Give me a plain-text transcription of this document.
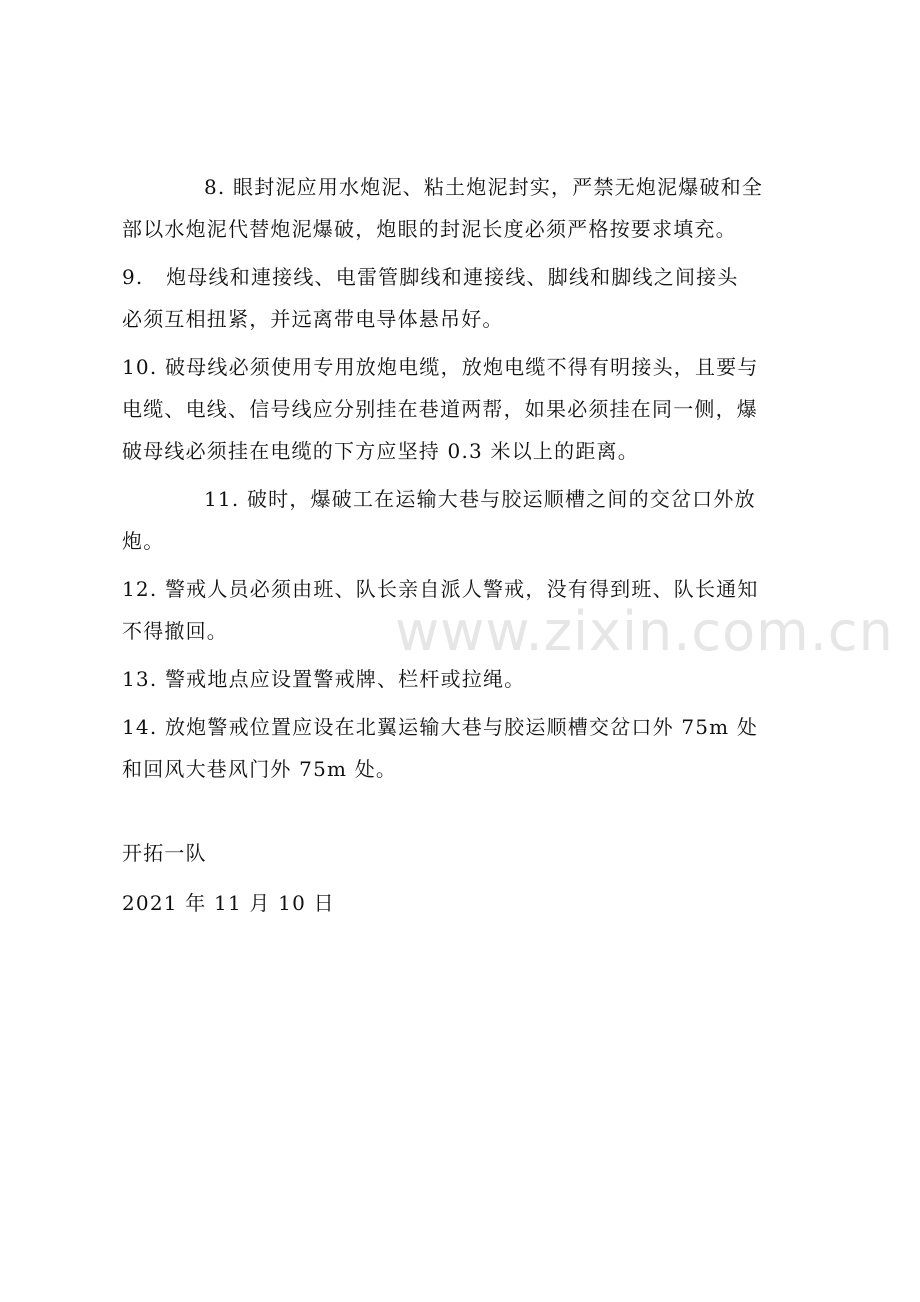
www.zixin.com.cn
8. 眼封泥应用水炮泥、粘土炮泥封实，严禁无炮泥爆破和全
部以水炮泥代替炮泥爆破，炮眼的封泥长度必须严格按要求填充。
9.   炮母线和連接线、电雷管脚线和連接线、脚线和脚线之间接头
必须互相扭紧，并远离带电导体悬吊好。
10. 破母线必须使用专用放炮电缆，放炮电缆不得有明接头，且要与
电缆、电线、信号线应分别挂在巷道两帮，如果必须挂在同一侧，爆
破母线必须挂在电缆的下方应坚持 0.3 米以上的距离。
11. 破时，爆破工在运输大巷与胶运顺槽之间的交岔口外放
炮。
12. 警戒人员必须由班、队长亲自派人警戒，没有得到班、队长通知
不得撤回。
13. 警戒地点应设置警戒牌、栏杆或拉绳。
14. 放炮警戒位置应设在北翼运输大巷与胶运顺槽交岔口外 75m 处
和回风大巷风门外 75m 处。
开拓一队
2021 年 11 月 10 日
